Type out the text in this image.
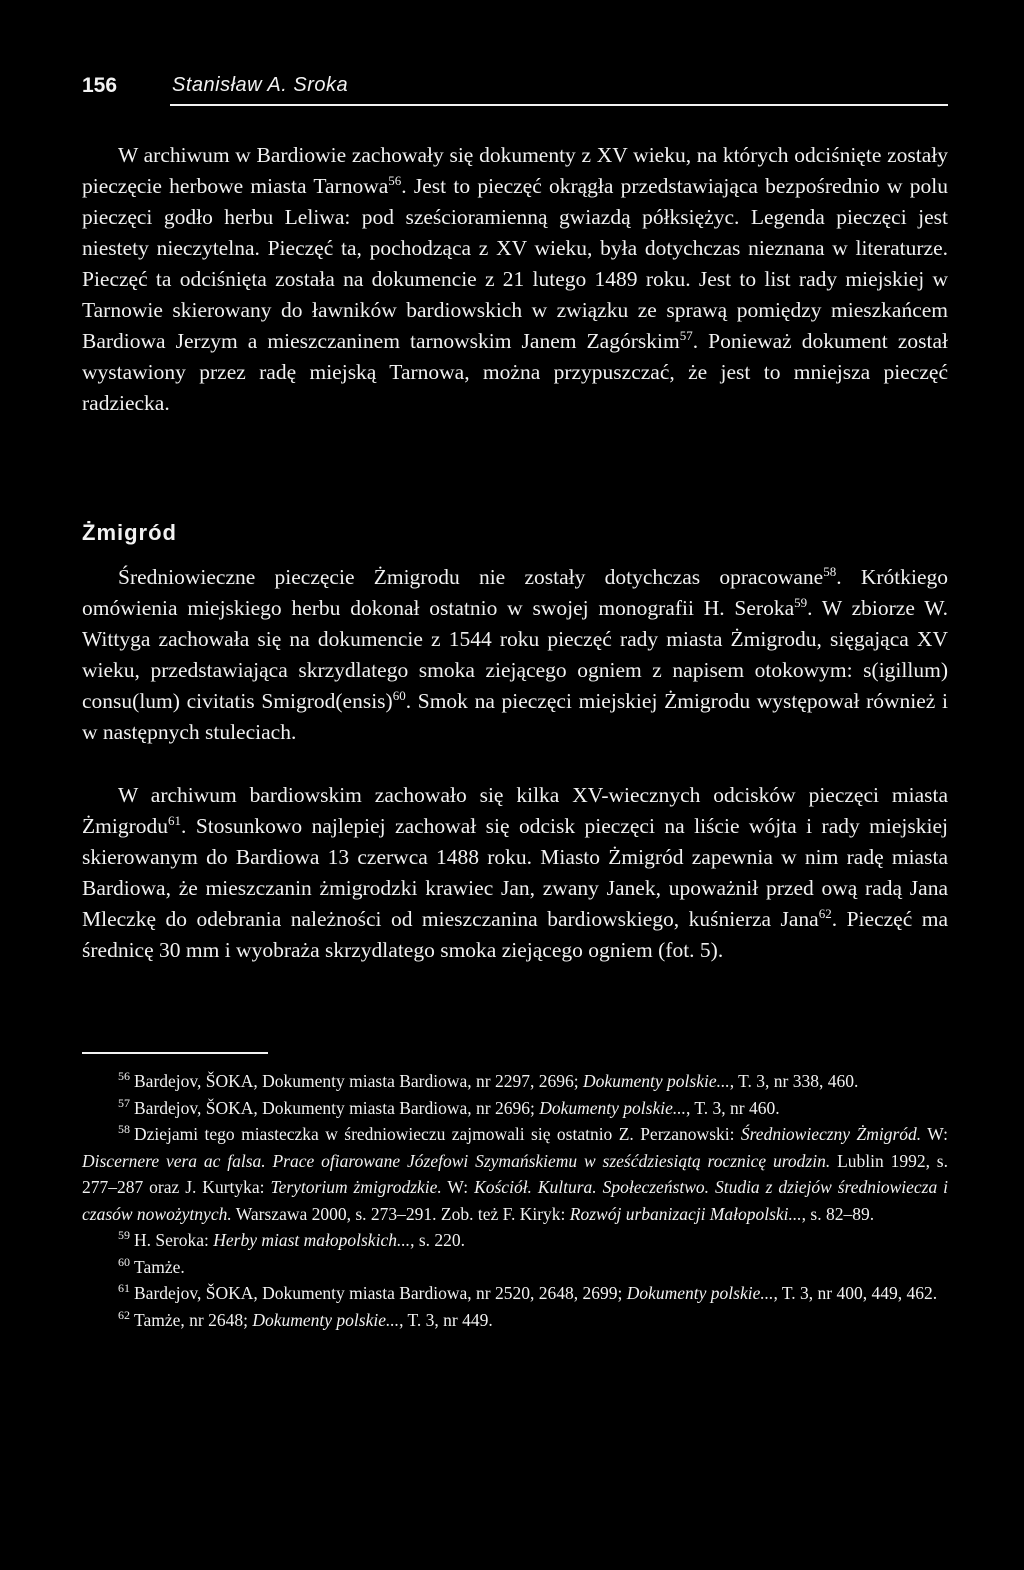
156	Stanisław A. Sroka
W archiwum w Bardiowie zachowały się dokumenty z XV wieku, na których odciśnięte zostały pieczęcie herbowe miasta Tarnowa$^{56}$. Jest to pieczęć okrągła przedstawiająca bezpośrednio w polu pieczęci godło herbu Leliwa: pod sześcioramienną gwiazdą półksiężyc. Legenda pieczęci jest niestety nieczytelna. Pieczęć ta, pochodząca z XV wieku, była dotychczas nieznana w literaturze. Pieczęć ta odciśnięta została na dokumencie z 21 lutego 1489 roku. Jest to list rady miejskiej w Tarnowie skierowany do ławników bardiowskich w związku ze sprawą pomiędzy mieszkańcem Bardiowa Jerzym a mieszczaninem tarnowskim Janem Zagórskim$^{57}$. Ponieważ dokument został wystawiony przez radę miejską Tarnowa, można przypuszczać, że jest to mniejsza pieczęć radziecka.
Żmigród
Średniowieczne pieczęcie Żmigrodu nie zostały dotychczas opracowane$^{58}$. Krótkiego omówienia miejskiego herbu dokonał ostatnio w swojej monografii H. Seroka$^{59}$. W zbiorze W. Wittyga zachowała się na dokumencie z 1544 roku pieczęć rady miasta Żmigrodu, sięgająca XV wieku, przedstawiająca skrzydlatego smoka ziejącego ogniem z napisem otokowym: s(igillum) consu(lum) civitatis Smigrod(ensis)$^{60}$. Smok na pieczęci miejskiej Żmigrodu występował również i w następnych stuleciach.
W archiwum bardiowskim zachowało się kilka XV-wiecznych odcisków pieczęci miasta Żmigrodu$^{61}$. Stosunkowo najlepiej zachował się odcisk pieczęci na liście wójta i rady miejskiej skierowanym do Bardiowa 13 czerwca 1488 roku. Miasto Żmigród zapewnia w nim radę miasta Bardiowa, że mieszczanin żmigrodzki krawiec Jan, zwany Janek, upoważnił przed ową radą Jana Mleczkę do odebrania należności od mieszczanina bardiowskiego, kuśnierza Jana$^{62}$. Pieczęć ma średnicę 30 mm i wyobraża skrzydlatego smoka ziejącego ogniem (fot. 5).

$^{56}$ Bardejov, ŠOKA, Dokumenty miasta Bardiowa, nr 2297, 2696; Dokumenty polskie..., T. 3, nr 338, 460.

$^{57}$ Bardejov, ŠOKA, Dokumenty miasta Bardiowa, nr 2696; Dokumenty polskie..., T. 3, nr 460.

$^{58}$ Dziejami tego miasteczka w średniowieczu zajmowali się ostatnio Z. Perzanowski: Średniowieczny Żmigród. W: Discernere vera ac falsa. Prace ofiarowane Józefowi Szymańskiemu w sześćdziesiątą rocznicę urodzin. Lublin 1992, s. 277–287 oraz J. Kurtyka: Terytorium żmigrodzkie. W: Kościół. Kultura. Społeczeństwo. Studia z dziejów średniowiecza i czasów nowożytnych. Warszawa 2000, s. 273–291. Zob. też F. Kiryk: Rozwój urbanizacji Małopolski..., s. 82–89.

$^{59}$ H. Seroka: Herby miast małopolskich..., s. 220.

$^{60}$ Tamże.

$^{61}$ Bardejov, ŠOKA, Dokumenty miasta Bardiowa, nr 2520, 2648, 2699; Dokumenty polskie..., T. 3, nr 400, 449, 462.

$^{62}$ Tamże, nr 2648; Dokumenty polskie..., T. 3, nr 449.
